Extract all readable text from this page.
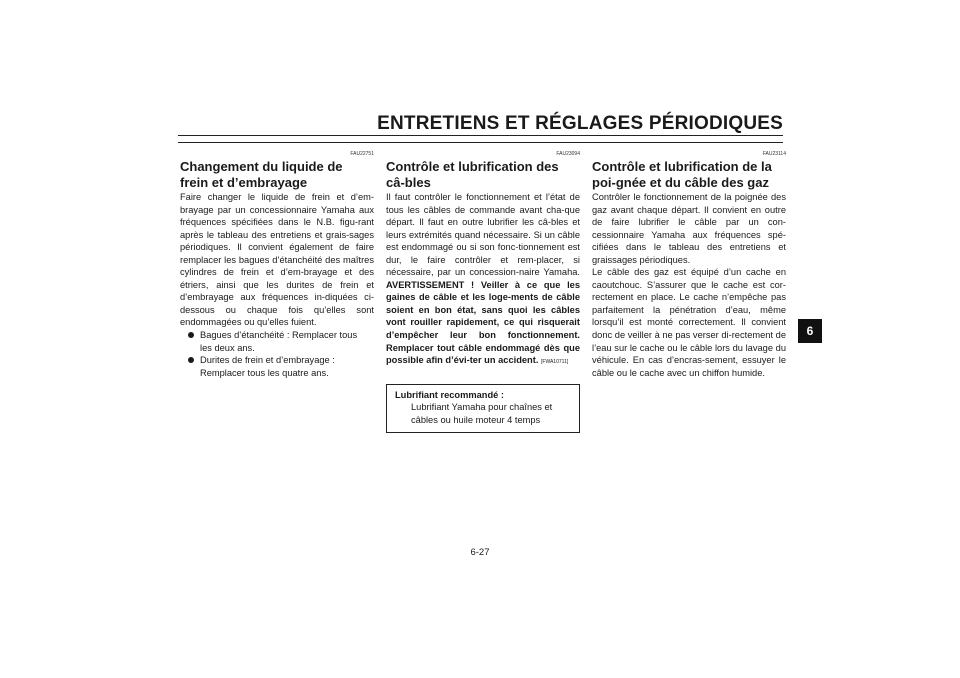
ENTRETIENS ET RÉGLAGES PÉRIODIQUES
FAU22751
Changement du liquide de frein et d’embrayage

Faire changer le liquide de frein et d’em-brayage par un concessionnaire Yamaha aux fréquences spécifiées dans le N.B. figu-rant après le tableau des entretiens et grais-sages périodiques. Il convient également de faire remplacer les bagues d’étanchéité des maîtres cylindres de frein et d’em-brayage et des étriers, ainsi que les durites de frein et d’embrayage aux fréquences in-diquées ci-dessous ou chaque fois qu’elles sont endommagées ou qu’elles fuient.

Bagues d’étanchéité : Remplacer tous les deux ans.
Durites de frein et d’embrayage : Remplacer tous les quatre ans.
FAU23094
Contrôle et lubrification des câ-bles

Il faut contrôler le fonctionnement et l’état de tous les câbles de commande avant cha-que départ. Il faut en outre lubrifier les câ-bles et leurs extrémités quand nécessaire. Si un câble est endommagé ou si son fonc-tionnement est dur, le faire contrôler et rem-placer, si nécessaire, par un concession-naire Yamaha. AVERTISSEMENT ! Veiller à ce que les gaines de câble et les loge-ments de câble soient en bon état, sans quoi les câbles vont rouiller rapidement, ce qui risquerait d’empêcher leur bon fonctionnement. Remplacer tout câble endommagé dès que possible afin d’évi-ter un accident. [FWA10711]

Lubrifiant recommandé :
Lubrifiant Yamaha pour chaînes et câbles ou huile moteur 4 temps
FAU23114
Contrôle et lubrification de la poi-gnée et du câble des gaz

Contrôler le fonctionnement de la poignée des gaz avant chaque départ. Il convient en outre de faire lubrifier le câble par un con-cessionnaire Yamaha aux fréquences spé-cifiées dans le tableau des entretiens et graissages périodiques.

Le câble des gaz est équipé d’un cache en caoutchouc. S’assurer que le cache est cor-rectement en place. Le cache n’empêche pas parfaitement la pénétration d’eau, même lorsqu’il est monté correctement. Il convient donc de veiller à ne pas verser di-rectement de l’eau sur le cache ou le câble lors du lavage du véhicule. En cas d’encras-sement, essuyer le câble ou le cache avec un chiffon humide.

6
6-27
